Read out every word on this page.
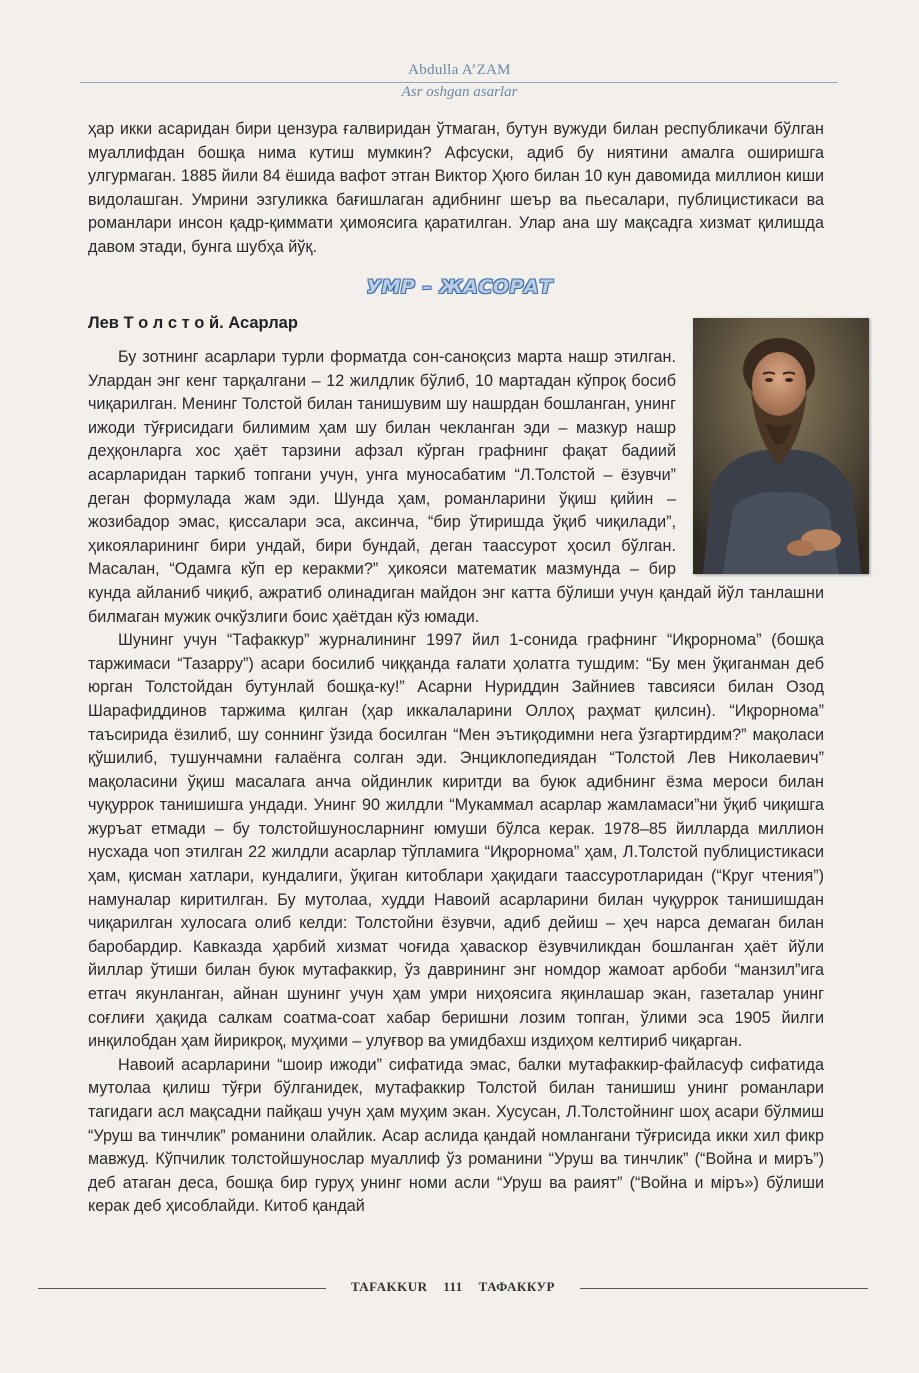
Abdulla A’ZAM
Asr oshgan asarlar

ҳар икки асаридан бири цензура ғалвиридан ўтмаган, бутун вужуди билан республикачи бўлган муаллифдан бошқа нима кутиш мумкин? Афсуски, адиб бу ниятини амалга оширишга улгурмаган. 1885 йили 84 ёшида вафот этган Виктор Ҳюго билан 10 кун давомида миллион киши видолашган. Умрини эзгуликка бағишлаган адибнинг шеър ва пьесалари, публицистикаси ва романлари инсон қадр-қиммати ҳимоясига қаратилган. Улар ана шу мақсадга хизмат қилишда давом этади, бунга шубҳа йўқ.

УМР – ЖАСОРАТ
Лев Т о л с т о й. Асарлар

Бу зотнинг асарлари турли форматда сон-саноқсиз марта нашр этилган. Улардан энг кенг тарқалгани – 12 жилдлик бўлиб, 10 мартадан кўпроқ босиб чиқарилган. Менинг Толстой билан танишувим шу нашрдан бошланган, унинг ижоди тўғрисидаги билимим ҳам шу билан чекланган эди – мазкур нашр деҳқонларга хос ҳаёт тарзини афзал кўрган графнинг фақат бадиий асарларидан таркиб топгани учун, унга муносабатим “Л.Толстой – ёзувчи” деган формулада жам эди. Шунда ҳам, романларини ўқиш қийин – жозибадор эмас, қиссалари эса, аксинча, “бир ўтиришда ўқиб чиқилади”, ҳикояларининг бири ундай, бири бундай, деган таассурот ҳосил бўлган. Масалан, “Одамга кўп ер керакми?” ҳикояси математик мазмунда – бир кунда айланиб чиқиб, ажратиб олинадиган майдон энг катта бўлиши учун қандай йўл танлашни билмаган мужик очкўзлиги боис ҳаётдан кўз юмади.

Шунинг учун “Тафаккур” журналининг 1997 йил 1-сонида графнинг “Иқрорнома” (бошқа таржимаси “Тазарру”) асари босилиб чиққанда ғалати ҳолатга тушдим: “Бу мен ўқиганман деб юрган Толстойдан бутунлай бошқа-ку!” Асарни Нуриддин Зайниев тавсияси билан Озод Шарафиддинов таржима қилган (ҳар иккалаларини Оллоҳ раҳмат қилсин). “Иқрорнома” таъсирида ёзилиб, шу соннинг ўзида босилган “Мен эътиқодимни нега ўзгартирдим?” мақоласи қўшилиб, тушунчамни ғалаёнга солган эди. Энциклопедиядан “Толстой Лев Николаевич” мақоласини ўқиш масалага анча ойдинлик киритди ва буюк адибнинг ёзма мероси билан чуқуррок танишишга ундади. Унинг 90 жилдли “Мукаммал асарлар жамламаси”ни ўқиб чиқишга журъат етмади – бу толстойшуносларнинг юмуши бўлса керак. 1978–85 йилларда миллион нусхада чоп этилган 22 жилдли асарлар тўпламига “Иқрорнома” ҳам, Л.Толстой публицистикаси ҳам, қисман хатлари, кундалиги, ўқиган китоблари ҳақидаги таассуротларидан (“Круг чтения”) намуналар киритилган. Бу мутолаа, худди Навоий асарларини билан чуқуррок танишишдан чиқарилган хулосага олиб келди: Толстойни ёзувчи, адиб дейиш – ҳеч нарса демаган билан баробардир. Кавказда ҳарбий хизмат чоғида ҳаваскор ёзувчиликдан бошланган ҳаёт йўли йиллар ўтиши билан буюк мутафаккир, ўз даврининг энг номдор жамоат арбоби “манзил”ига етгач якунланган, айнан шунинг учун ҳам умри ниҳоясига яқинлашар экан, газеталар унинг соғлиғи ҳақида салкам соатма-соат хабар беришни лозим топган, ўлими эса 1905 йилги инқилобдан ҳам йирикроқ, муҳими – улуғвор ва умидбахш издиҳом келтириб чиқарган.

Навоий асарларини “шоир ижоди” сифатида эмас, балки мутафаккир-файласуф сифатида мутолаа қилиш тўғри бўлганидек, мутафаккир Толстой билан танишиш унинг романлари тагидаги асл мақсадни пайқаш учун ҳам муҳим экан. Хусусан, Л.Толстойнинг шоҳ асари бўлмиш “Уруш ва тинчлик” романини олайлик. Асар аслида қандай номлангани тўғрисида икки хил фикр мавжуд. Кўпчилик толстойшунослар муаллиф ўз романини “Уруш ва тинчлик” (“Война и миръ”) деб атаган деса, бошқа бир гуруҳ унинг номи асли “Уруш ва раият” (“Война и міръ») бўлиши керак деб ҳисоблайди. Китоб қандай

TAFAKKUR 111 ТАФАККУР
